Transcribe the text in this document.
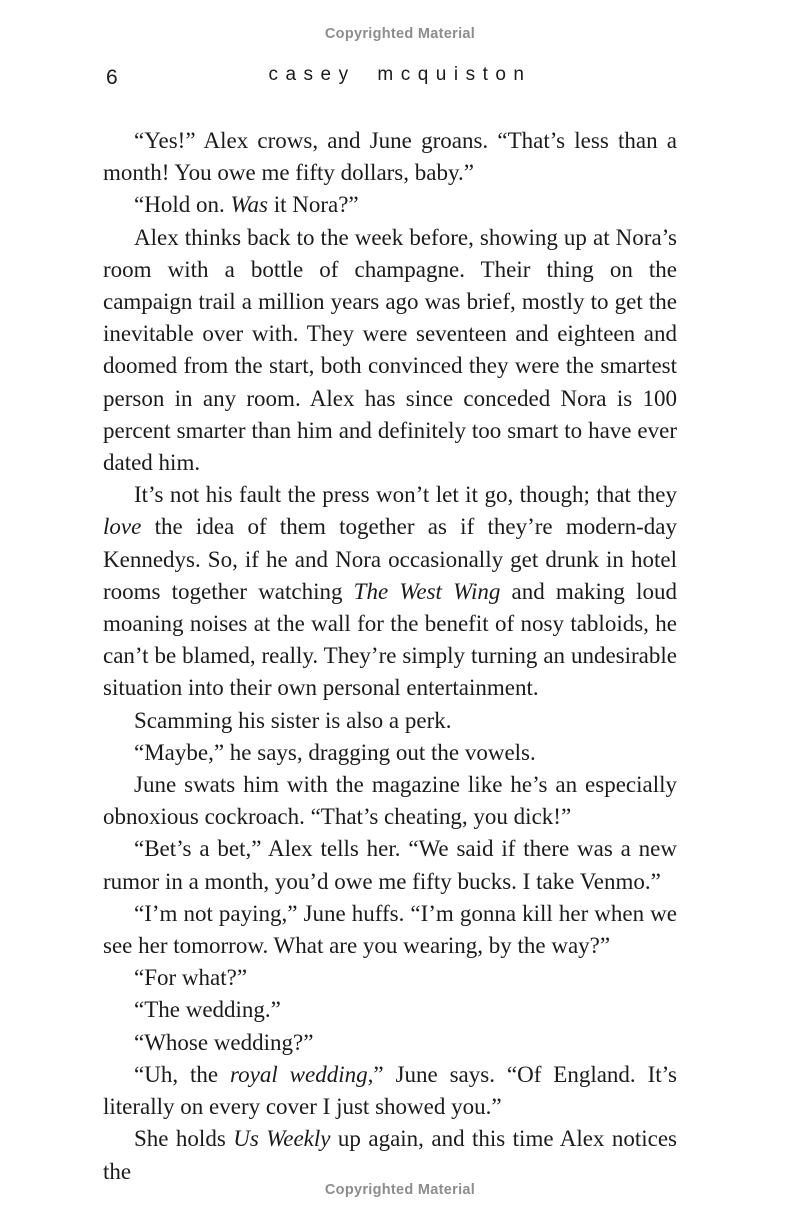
Copyrighted Material
6	casey mcquiston

“Yes!” Alex crows, and June groans. “That’s less than a month! You owe me fifty dollars, baby.”

“Hold on. Was it Nora?”

Alex thinks back to the week before, showing up at Nora’s room with a bottle of champagne. Their thing on the campaign trail a million years ago was brief, mostly to get the inevitable over with. They were seventeen and eighteen and doomed from the start, both convinced they were the smartest person in any room. Alex has since conceded Nora is 100 percent smarter than him and definitely too smart to have ever dated him.

It’s not his fault the press won’t let it go, though; that they love the idea of them together as if they’re modern-day Kennedys. So, if he and Nora occasionally get drunk in hotel rooms together watching The West Wing and making loud moaning noises at the wall for the benefit of nosy tabloids, he can’t be blamed, really. They’re simply turning an undesirable situation into their own personal entertainment.

Scamming his sister is also a perk.

“Maybe,” he says, dragging out the vowels.

June swats him with the magazine like he’s an especially obnoxious cockroach. “That’s cheating, you dick!”

“Bet’s a bet,” Alex tells her. “We said if there was a new rumor in a month, you’d owe me fifty bucks. I take Venmo.”

“I’m not paying,” June huffs. “I’m gonna kill her when we see her tomorrow. What are you wearing, by the way?”

“For what?”

“The wedding.”

“Whose wedding?”

“Uh, the royal wedding,” June says. “Of England. It’s literally on every cover I just showed you.”

She holds Us Weekly up again, and this time Alex notices the

Copyrighted Material
